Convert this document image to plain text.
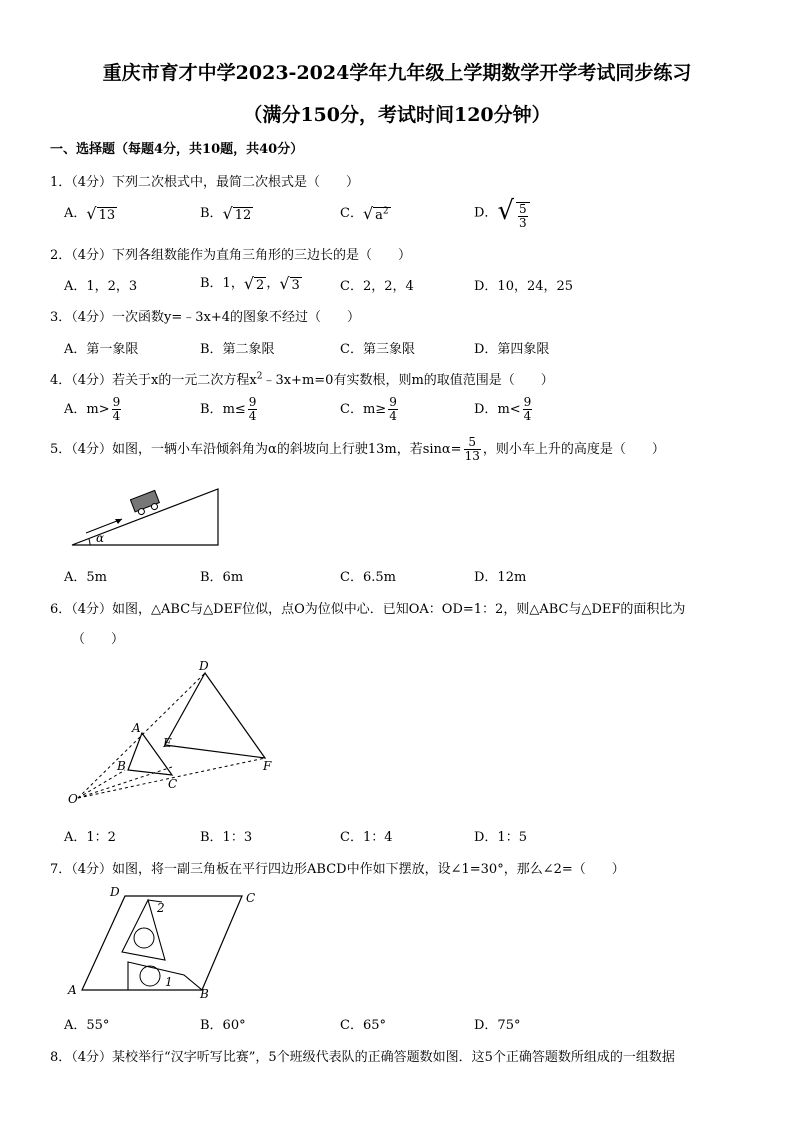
重庆市育才中学2023-2024学年九年级上学期数学开学考试同步练习
（满分150分，考试时间120分钟）
一、选择题（每题4分，共10题，共40分）
1．（4分）下列二次根式中，最简二次根式是（　　）
A．√ 13	B．√ 12	C．√ $a^2$	D．√ $\frac{5}{3}$
2．（4分）下列各组数能作为直角三角形的三边长的是（　　）
A．1，2，3	B．1，√ 2 ，√ 3	C．2，2，4	D．10，24，25
3．（4分）一次函数y=﹣3x+4的图象不经过（　　）
A．第一象限	B．第二象限	C．第三象限	D．第四象限
4．（4分）若关于x的一元二次方程$x^2﹣3x+m=0$有实数根，则m的取值范围是（　　）
A．$m> \frac{9}{4}$	B．$m\le \frac{9}{4}$	C．$m\ge \frac{9}{4}$	D．$m< \frac{9}{4}$
5．（4分）如图，一辆小车沿倾斜角为α的斜坡向上行驶13m，若$\sin\alpha= \frac{5}{13}$ ，则小车上升的高度是（　　）
α
A．5m	B．6m	C．6.5m	D．12m
6．（4分）如图，△ABC与△DEF位似，点O为位似中心．已知OA：OD=1：2，则△ABC与△DEF的面积比为
（　　）
D
A
E
B
C
F
O
A．1：2	B．1：3	C．1：4	D．1：5
7．（4分）如图，将一副三角板在平行四边形ABCD中作如下摆放，设∠1=30°，那么∠2=（　　）
D	C
A	B
1
2
A．55°	B．60°	C．65°	D．75°
8．（4分）某校举行“汉字听写比赛”，5个班级代表队的正确答题数如图．这5个正确答题数所组成的一组数据
